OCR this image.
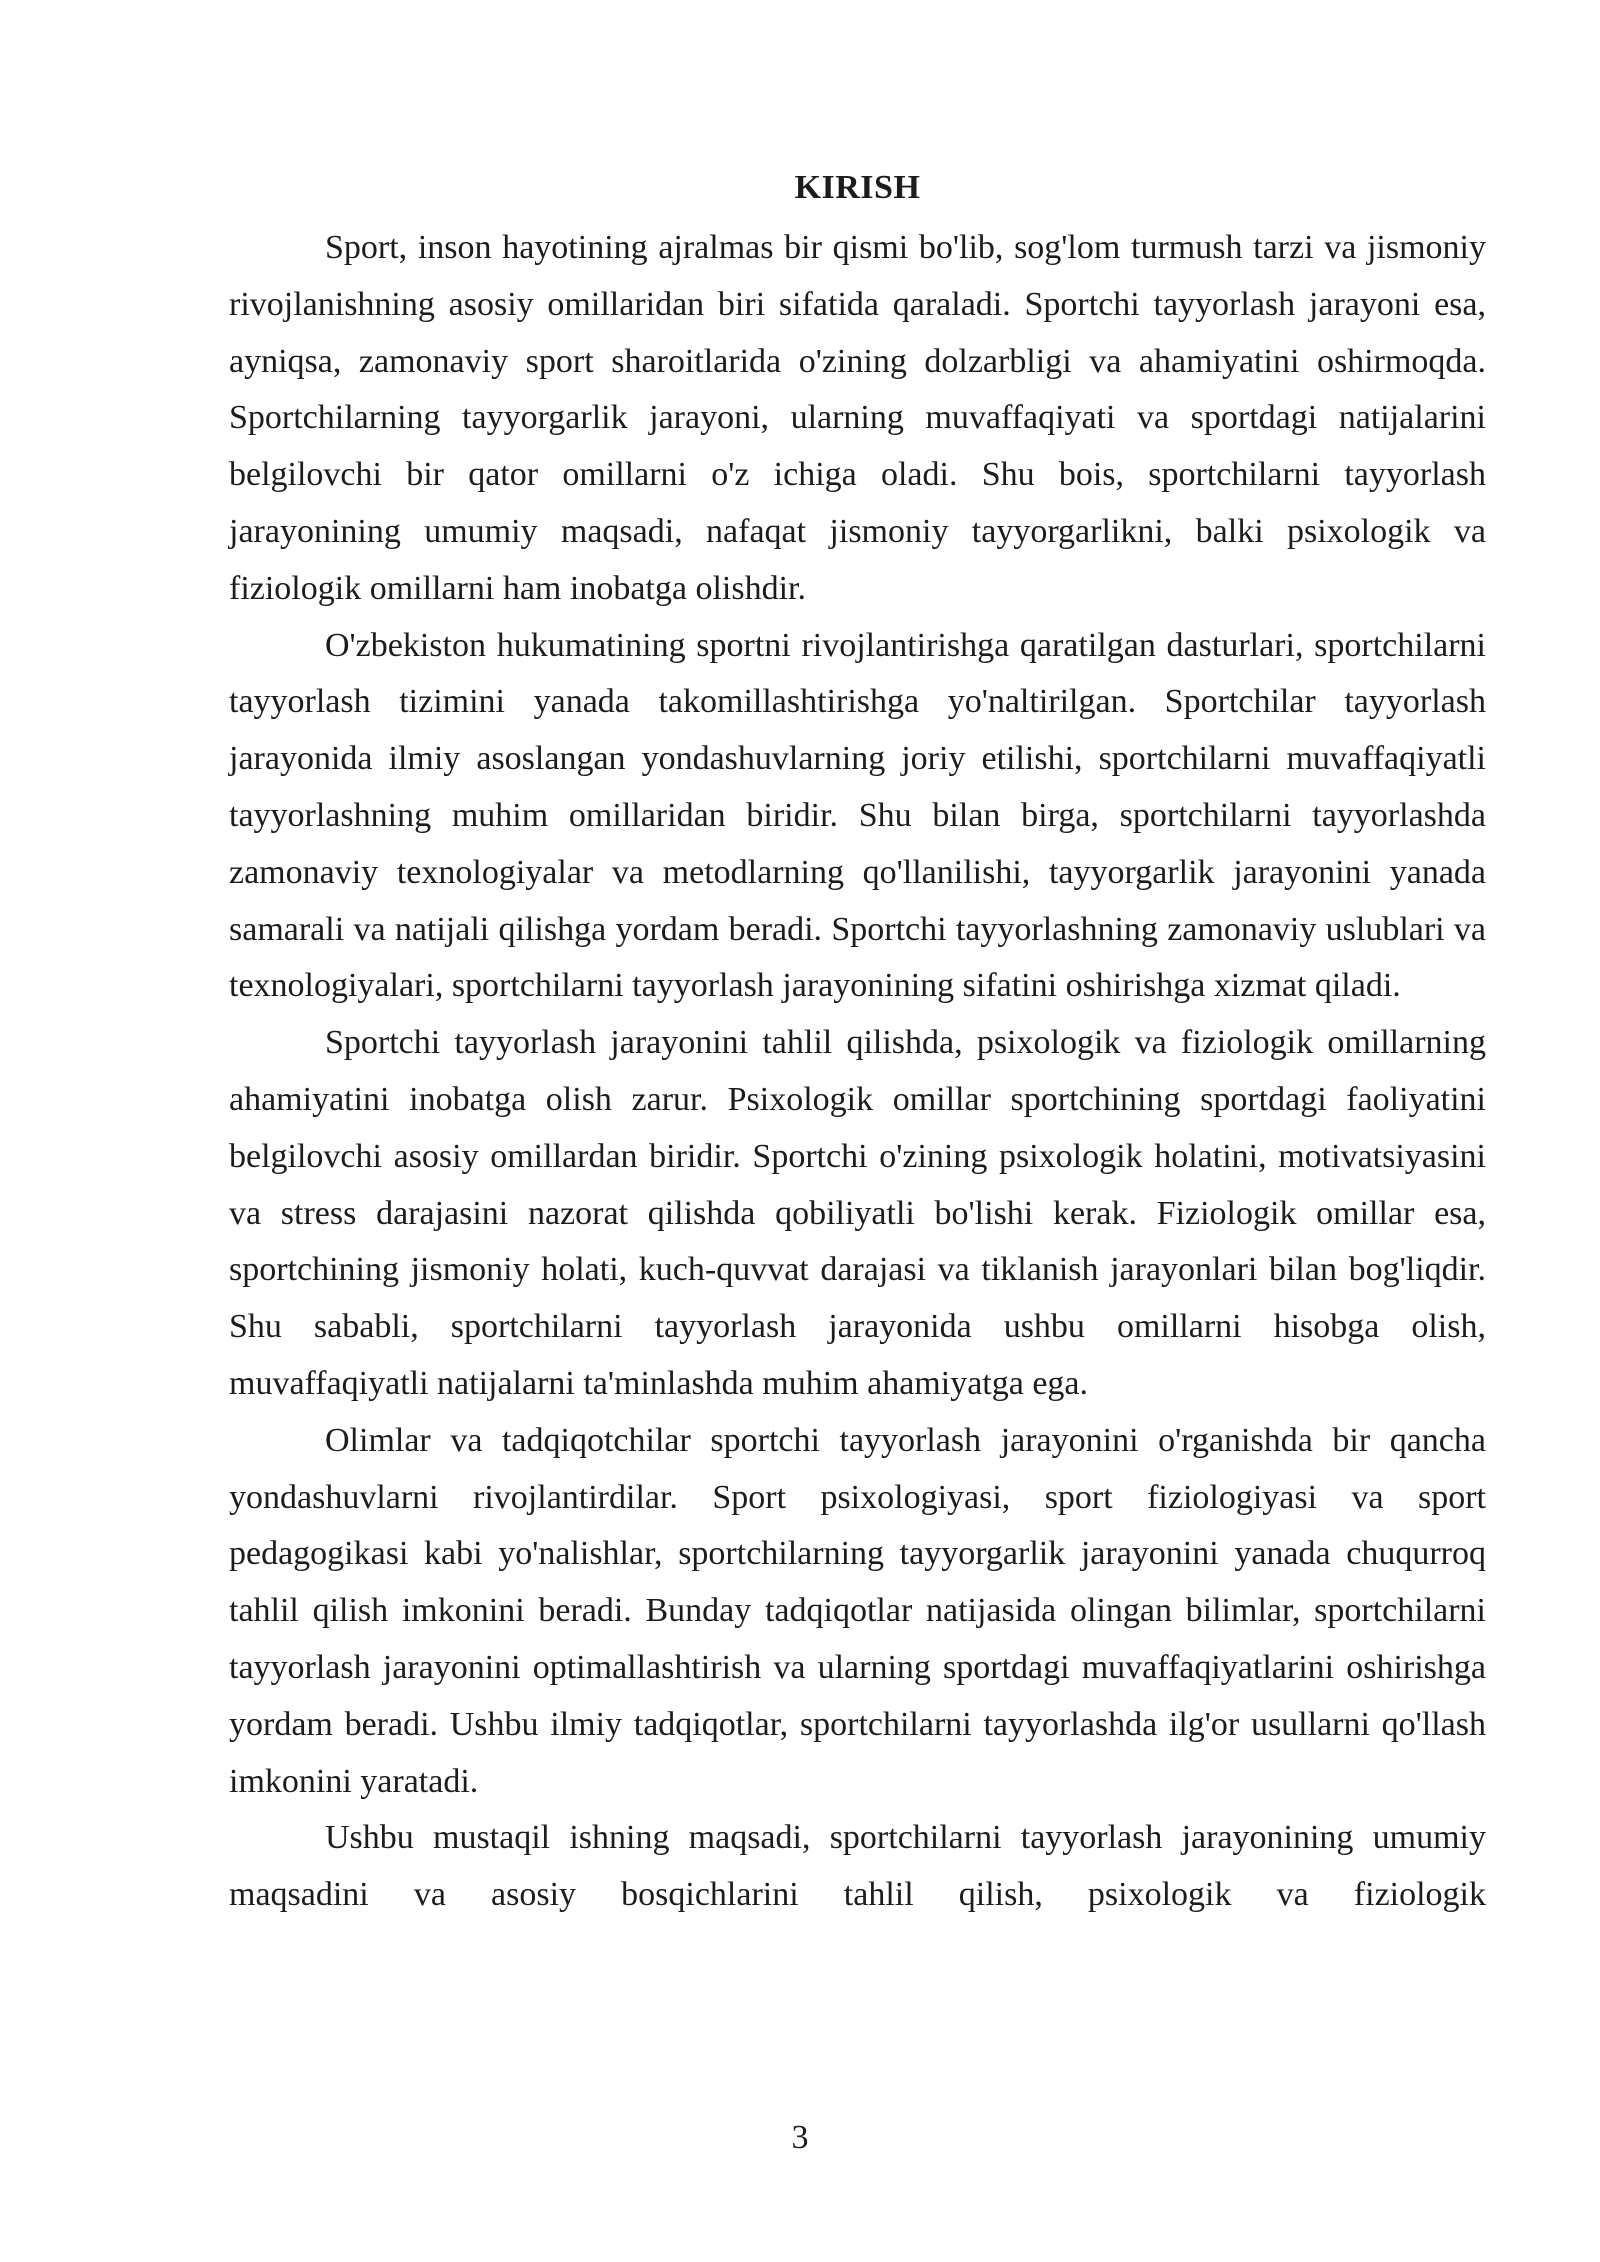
KIRISH

Sport, inson hayotining ajralmas bir qismi bo'lib, sog'lom turmush tarzi va jismoniy rivojlanishning asosiy omillaridan biri sifatida qaraladi. Sportchi tayyorlash jarayoni esa, ayniqsa, zamonaviy sport sharoitlarida o'zining dolzarbligi va ahamiyatini oshirmoqda. Sportchilarning tayyorgarlik jarayoni, ularning muvaffaqiyati va sportdagi natijalarini belgilovchi bir qator omillarni o'z ichiga oladi. Shu bois, sportchilarni tayyorlash jarayonining umumiy maqsadi, nafaqat jismoniy tayyorgarlikni, balki psixologik va fiziologik omillarni ham inobatga olishdir.

O'zbekiston hukumatining sportni rivojlantirishga qaratilgan dasturlari, sportchilarni tayyorlash tizimini yanada takomillashtirishga yo'naltirilgan. Sportchilar tayyorlash jarayonida ilmiy asoslangan yondashuvlarning joriy etilishi, sportchilarni muvaffaqiyatli tayyorlashning muhim omillaridan biridir. Shu bilan birga, sportchilarni tayyorlashda zamonaviy texnologiyalar va metodlarning qo'llanilishi, tayyorgarlik jarayonini yanada samarali va natijali qilishga yordam beradi. Sportchi tayyorlashning zamonaviy uslublari va texnologiyalari, sportchilarni tayyorlash jarayonining sifatini oshirishga xizmat qiladi.

Sportchi tayyorlash jarayonini tahlil qilishda, psixologik va fiziologik omillarning ahamiyatini inobatga olish zarur. Psixologik omillar sportchining sportdagi faoliyatini belgilovchi asosiy omillardan biridir. Sportchi o'zining psixologik holatini, motivatsiyasini va stress darajasini nazorat qilishda qobiliyatli bo'lishi kerak. Fiziologik omillar esa, sportchining jismoniy holati, kuch-quvvat darajasi va tiklanish jarayonlari bilan bog'liqdir. Shu sababli, sportchilarni tayyorlash jarayonida ushbu omillarni hisobga olish, muvaffaqiyatli natijalarni ta'minlashda muhim ahamiyatga ega.

Olimlar va tadqiqotchilar sportchi tayyorlash jarayonini o'rganishda bir qancha yondashuvlarni rivojlantirdilar. Sport psixologiyasi, sport fiziologiyasi va sport pedagogikasi kabi yo'nalishlar, sportchilarning tayyorgarlik jarayonini yanada chuqurroq tahlil qilish imkonini beradi. Bunday tadqiqotlar natijasida olingan bilimlar, sportchilarni tayyorlash jarayonini optimallashtirish va ularning sportdagi muvaffaqiyatlarini oshirishga yordam beradi. Ushbu ilmiy tadqiqotlar, sportchilarni tayyorlashda ilg'or usullarni qo'llash imkonini yaratadi.

Ushbu mustaqil ishning maqsadi, sportchilarni tayyorlash jarayonining umumiy maqsadini va asosiy bosqichlarini tahlil qilish, psixologik va fiziologik

3
